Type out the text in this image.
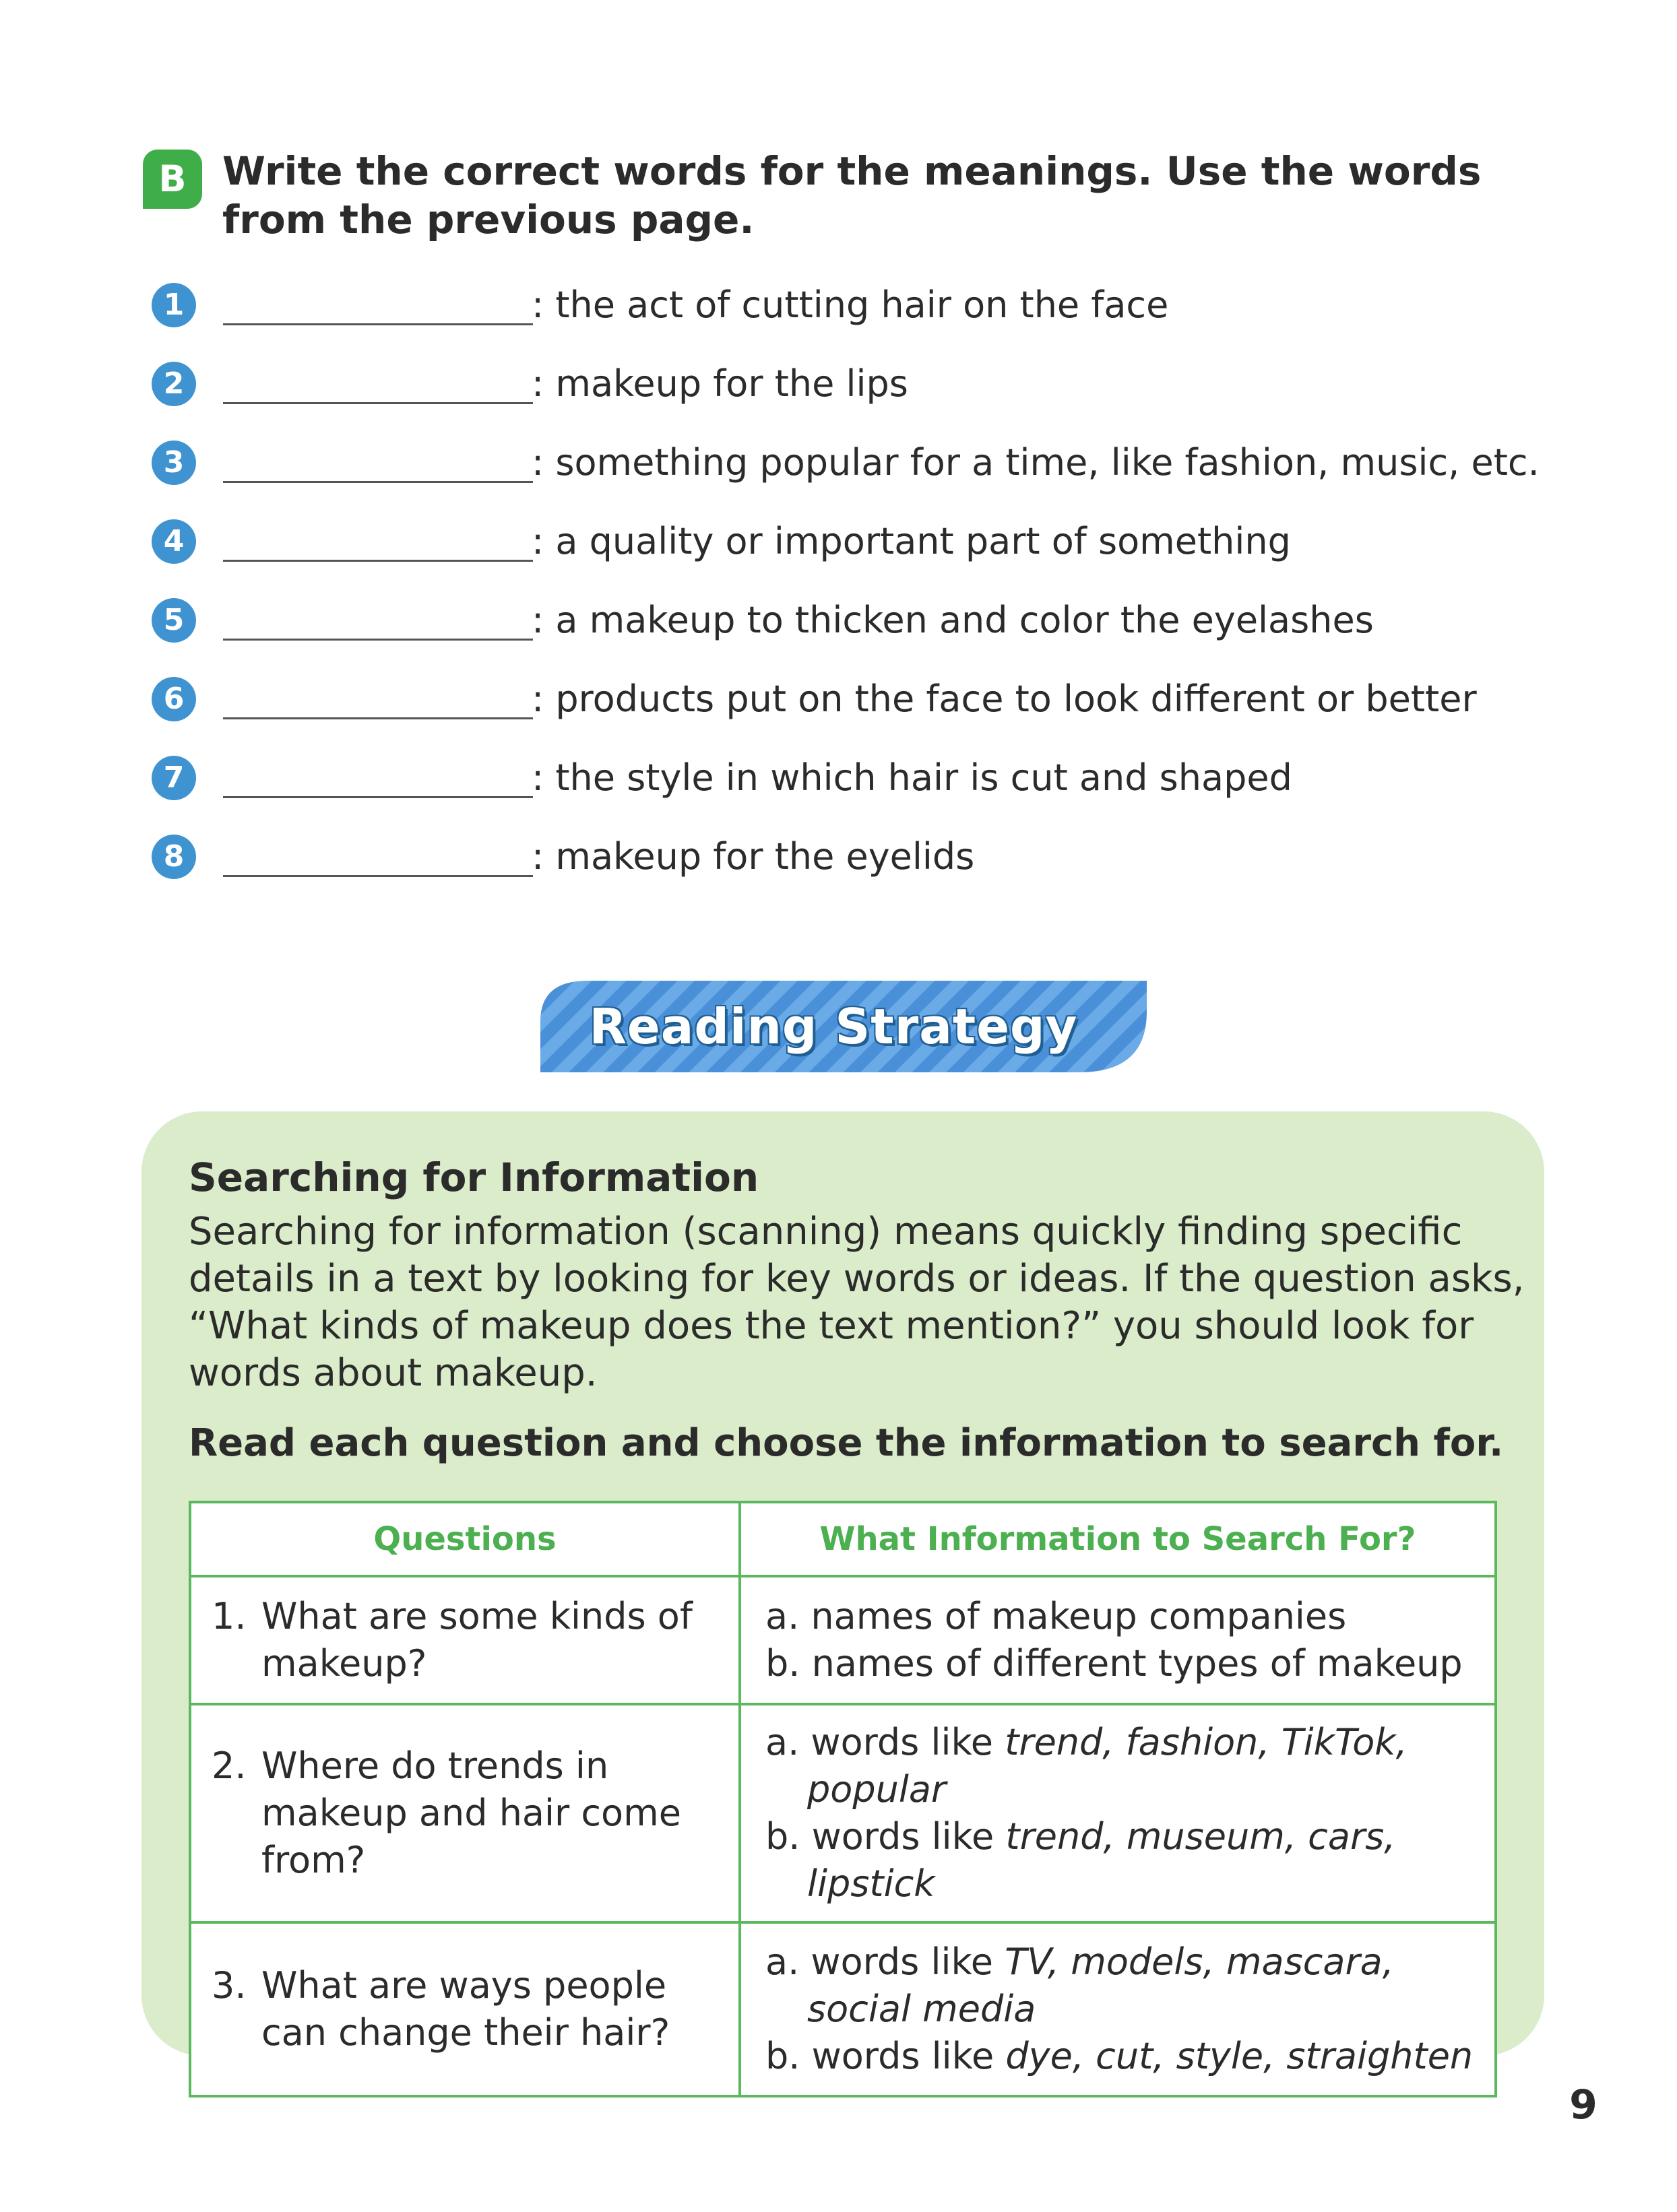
B Write the correct words for the meanings. Use the words from the previous page.
1	: the act of cutting hair on the face
2	: makeup for the lips
3	: something popular for a time, like fashion, music, etc.
4	: a quality or important part of something
5	: a makeup to thicken and color the eyelashes
6	: products put on the face to look different or better
7	: the style in which hair is cut and shaped
8	: makeup for the eyelids
Reading Strategy
Searching for Information
Searching for information (scanning) means quickly finding specific details in a text by looking for key words or ideas. If the question asks, “What kinds of makeup does the text mention?” you should look for words about makeup.
Read each question and choose the information to search for.
Questions	What Information to Search For?
1. What are some kinds of makeup?	a. names of makeup companies
b. names of different types of makeup

2. Where do trends in makeup and hair come from?	a. words like trend, fashion, TikTok, popular
b. words like trend, museum, cars, lipstick

3. What are ways people can change their hair?	a. words like TV, models, mascara, social media
b. words like dye, cut, style, straighten
9
